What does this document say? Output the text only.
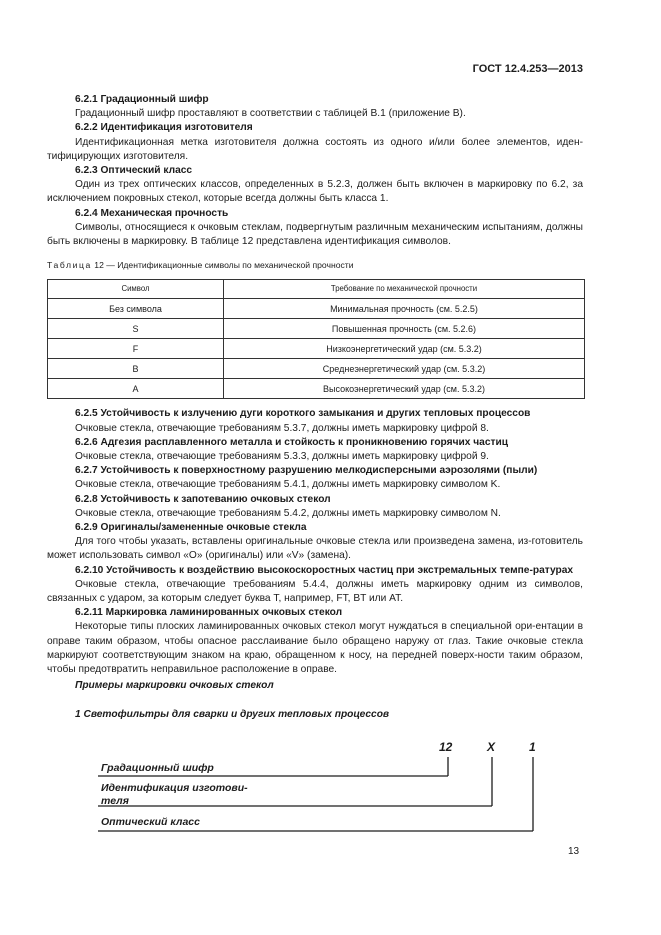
ГОСТ 12.4.253—2013

6.2.1 Градационный шифр

Градационный шифр проставляют в соответствии с таблицей В.1 (приложение В).

6.2.2 Идентификация изготовителя

Идентификационная метка изготовителя должна состоять из одного и/или более элементов, иден-тифицирующих изготовителя.

6.2.3 Оптический класс

Один из трех оптических классов, определенных в 5.2.3, должен быть включен в маркировку по 6.2, за исключением покровных стекол, которые всегда должны быть класса 1.

6.2.4 Механическая прочность

Символы, относящиеся к очковым стеклам, подвергнутым различным механическим испытаниям, должны быть включены в маркировку. В таблице 12 представлена идентификация символов.

Таблица 12 — Идентификационные символы по механической прочности
Символ	Требование по механической прочности
Без символа	Минимальная прочность (см. 5.2.5)
S	Повышенная прочность (см. 5.2.6)
F	Низкоэнергетический удар (см. 5.3.2)
B	Среднеэнергетический удар (см. 5.3.2)
A	Высокоэнергетический удар (см. 5.3.2)

6.2.5 Устойчивость к излучению дуги короткого замыкания и других тепловых процессов

Очковые стекла, отвечающие требованиям 5.3.7, должны иметь маркировку цифрой 8.

6.2.6 Адгезия расплавленного металла и стойкость к проникновению горячих частиц

Очковые стекла, отвечающие требованиям 5.3.3, должны иметь маркировку цифрой 9.

6.2.7 Устойчивость к поверхностному разрушению мелкодисперсными аэрозолями (пыли)

Очковые стекла, отвечающие требованиям 5.4.1, должны иметь маркировку символом K.

6.2.8 Устойчивость к запотеванию очковых стекол

Очковые стекла, отвечающие требованиям 5.4.2, должны иметь маркировку символом N.

6.2.9 Оригиналы/замененные очковые стекла

Для того чтобы указать, вставлены оригинальные очковые стекла или произведена замена, из-готовитель может использовать символ «O» (оригиналы) или «V» (замена).

6.2.10 Устойчивость к воздействию высокоскоростных частиц при экстремальных темпе-ратурах

Очковые стекла, отвечающие требованиям 5.4.4, должны иметь маркировку одним из символов, связанных с ударом, за которым следует буква T, например, FT, BT или AT.

6.2.11 Маркировка ламинированных очковых стекол

Некоторые типы плоских ламинированных очковых стекол могут нуждаться в специальной ори-ентации в оправе таким образом, чтобы опасное расслаивание было обращено наружу от глаз. Такие очковые стекла маркируют соответствующим знаком на краю, обращенном к носу, на передней поверх-ности таким образом, чтобы предотвратить неправильное расположение в оправе.

Примеры маркировки очковых стекол

1 Светофильтры для сварки и других тепловых процессов

12	X	1
Градационный шифр
Идентификация изготови-
теля
Оптический класс
13
